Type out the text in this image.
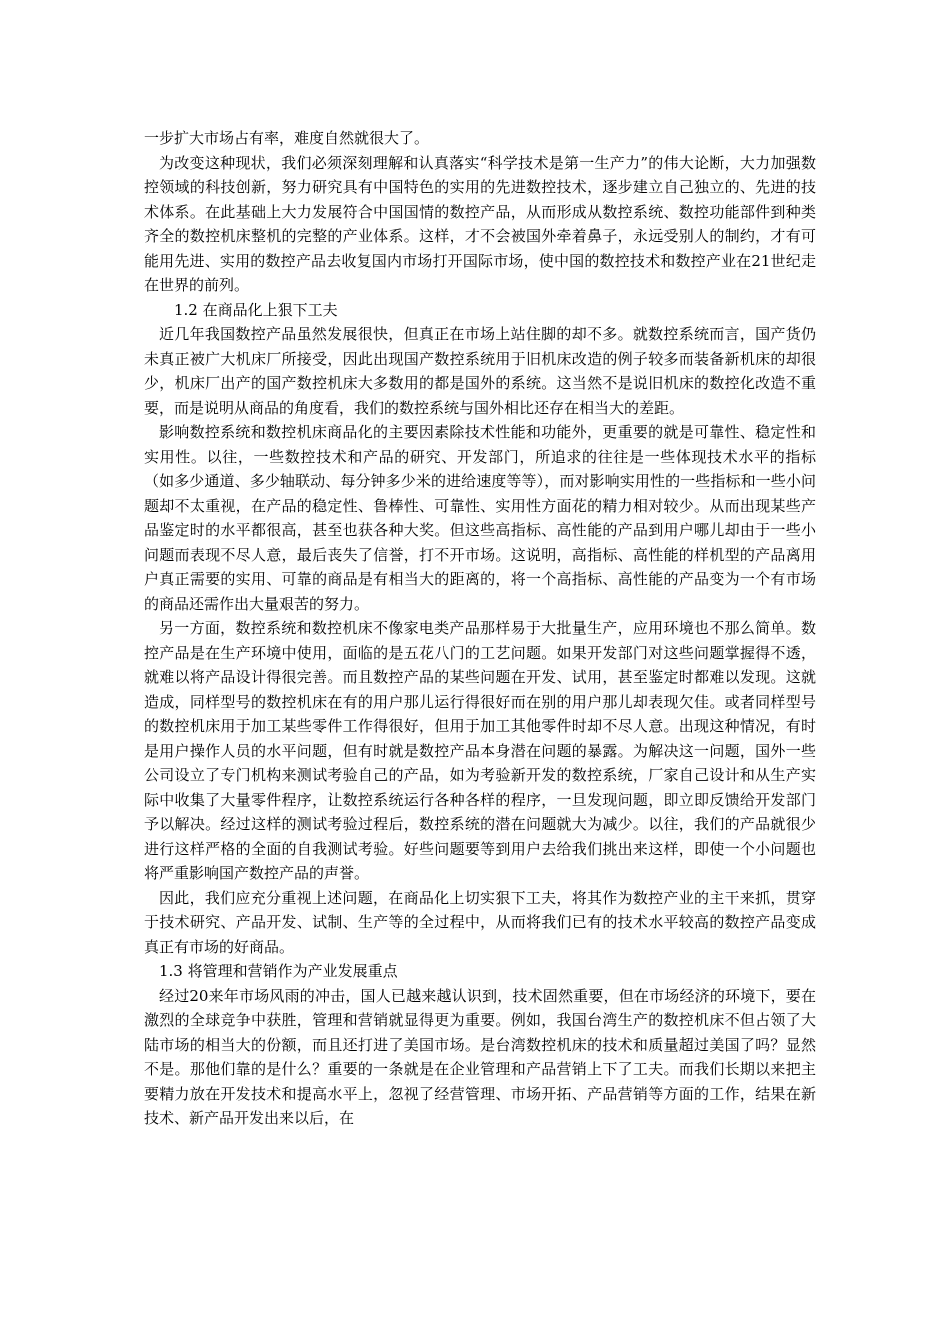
一步扩大市场占有率，难度自然就很大了。

为改变这种现状，我们必须深刻理解和认真落实“科学技术是第一生产力”的伟大论断，大力加强数控领域的科技创新，努力研究具有中国特色的实用的先进数控技术，逐步建立自己独立的、先进的技术体系。在此基础上大力发展符合中国国情的数控产品，从而形成从数控系统、数控功能部件到种类齐全的数控机床整机的完整的产业体系。这样，才不会被国外牵着鼻子，永远受别人的制约，才有可能用先进、实用的数控产品去收复国内市场打开国际市场，使中国的数控技术和数控产业在21世纪走在世界的前列。

1.2 在商品化上狠下工夫

近几年我国数控产品虽然发展很快，但真正在市场上站住脚的却不多。就数控系统而言，国产货仍未真正被广大机床厂所接受，因此出现国产数控系统用于旧机床改造的例子较多而装备新机床的却很少，机床厂出产的国产数控机床大多数用的都是国外的系统。这当然不是说旧机床的数控化改造不重要，而是说明从商品的角度看，我们的数控系统与国外相比还存在相当大的差距。

影响数控系统和数控机床商品化的主要因素除技术性能和功能外，更重要的就是可靠性、稳定性和实用性。以往，一些数控技术和产品的研究、开发部门，所追求的往往是一些体现技术水平的指标（如多少通道、多少轴联动、每分钟多少米的进给速度等等），而对影响实用性的一些指标和一些小问题却不太重视，在产品的稳定性、鲁棒性、可靠性、实用性方面花的精力相对较少。从而出现某些产品鉴定时的水平都很高，甚至也获各种大奖。但这些高指标、高性能的产品到用户哪儿却由于一些小问题而表现不尽人意，最后丧失了信誉，打不开市场。这说明，高指标、高性能的样机型的产品离用户真正需要的实用、可靠的商品是有相当大的距离的，将一个高指标、高性能的产品变为一个有市场的商品还需作出大量艰苦的努力。

另一方面，数控系统和数控机床不像家电类产品那样易于大批量生产，应用环境也不那么简单。数控产品是在生产环境中使用，面临的是五花八门的工艺问题。如果开发部门对这些问题掌握得不透，就难以将产品设计得很完善。而且数控产品的某些问题在开发、试用，甚至鉴定时都难以发现。这就造成，同样型号的数控机床在有的用户那儿运行得很好而在别的用户那儿却表现欠佳。或者同样型号的数控机床用于加工某些零件工作得很好，但用于加工其他零件时却不尽人意。出现这种情况，有时是用户操作人员的水平问题，但有时就是数控产品本身潜在问题的暴露。为解决这一问题，国外一些公司设立了专门机构来测试考验自己的产品，如为考验新开发的数控系统，厂家自己设计和从生产实际中收集了大量零件程序，让数控系统运行各种各样的程序，一旦发现问题，即立即反馈给开发部门予以解决。经过这样的测试考验过程后，数控系统的潜在问题就大为减少。以往，我们的产品就很少进行这样严格的全面的自我测试考验。好些问题要等到用户去给我们挑出来这样，即使一个小问题也将严重影响国产数控产品的声誉。

因此，我们应充分重视上述问题，在商品化上切实狠下工夫，将其作为数控产业的主干来抓，贯穿于技术研究、产品开发、试制、生产等的全过程中，从而将我们已有的技术水平较高的数控产品变成真正有市场的好商品。

1.3 将管理和营销作为产业发展重点

经过20来年市场风雨的冲击，国人已越来越认识到，技术固然重要，但在市场经济的环境下，要在激烈的全球竞争中获胜，管理和营销就显得更为重要。例如，我国台湾生产的数控机床不但占领了大陆市场的相当大的份额，而且还打进了美国市场。是台湾数控机床的技术和质量超过美国了吗？显然不是。那他们靠的是什么？重要的一条就是在企业管理和产品营销上下了工夫。而我们长期以来把主要精力放在开发技术和提高水平上，忽视了经营管理、市场开拓、产品营销等方面的工作，结果在新技术、新产品开发出来以后，在
